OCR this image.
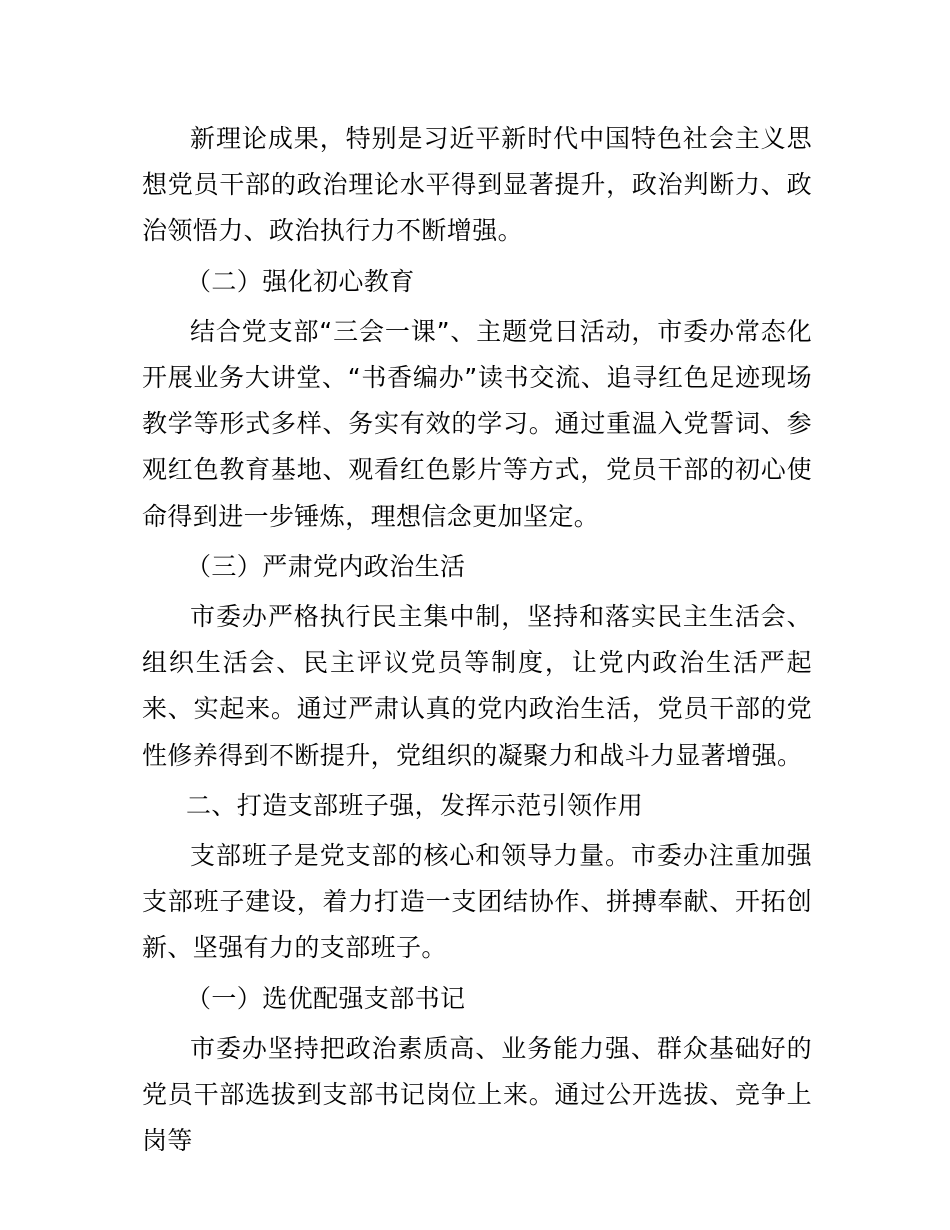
新理论成果，特别是习近平新时代中国特色社会主义思想党员干部的政治理论水平得到显著提升，政治判断力、政治领悟力、政治执行力不断增强。

（二）强化初心教育

结合党支部“三会一课”、主题党日活动，市委办常态化开展业务大讲堂、“书香编办”读书交流、追寻红色足迹现场教学等形式多样、务实有效的学习。通过重温入党誓词、参观红色教育基地、观看红色影片等方式，党员干部的初心使命得到进一步锤炼，理想信念更加坚定。

（三）严肃党内政治生活

市委办严格执行民主集中制，坚持和落实民主生活会、组织生活会、民主评议党员等制度，让党内政治生活严起来、实起来。通过严肃认真的党内政治生活，党员干部的党性修养得到不断提升，党组织的凝聚力和战斗力显著增强。

二、打造支部班子强，发挥示范引领作用

支部班子是党支部的核心和领导力量。市委办注重加强支部班子建设，着力打造一支团结协作、拼搏奉献、开拓创新、坚强有力的支部班子。

（一）选优配强支部书记

市委办坚持把政治素质高、业务能力强、群众基础好的党员干部选拔到支部书记岗位上来。通过公开选拔、竞争上岗等
